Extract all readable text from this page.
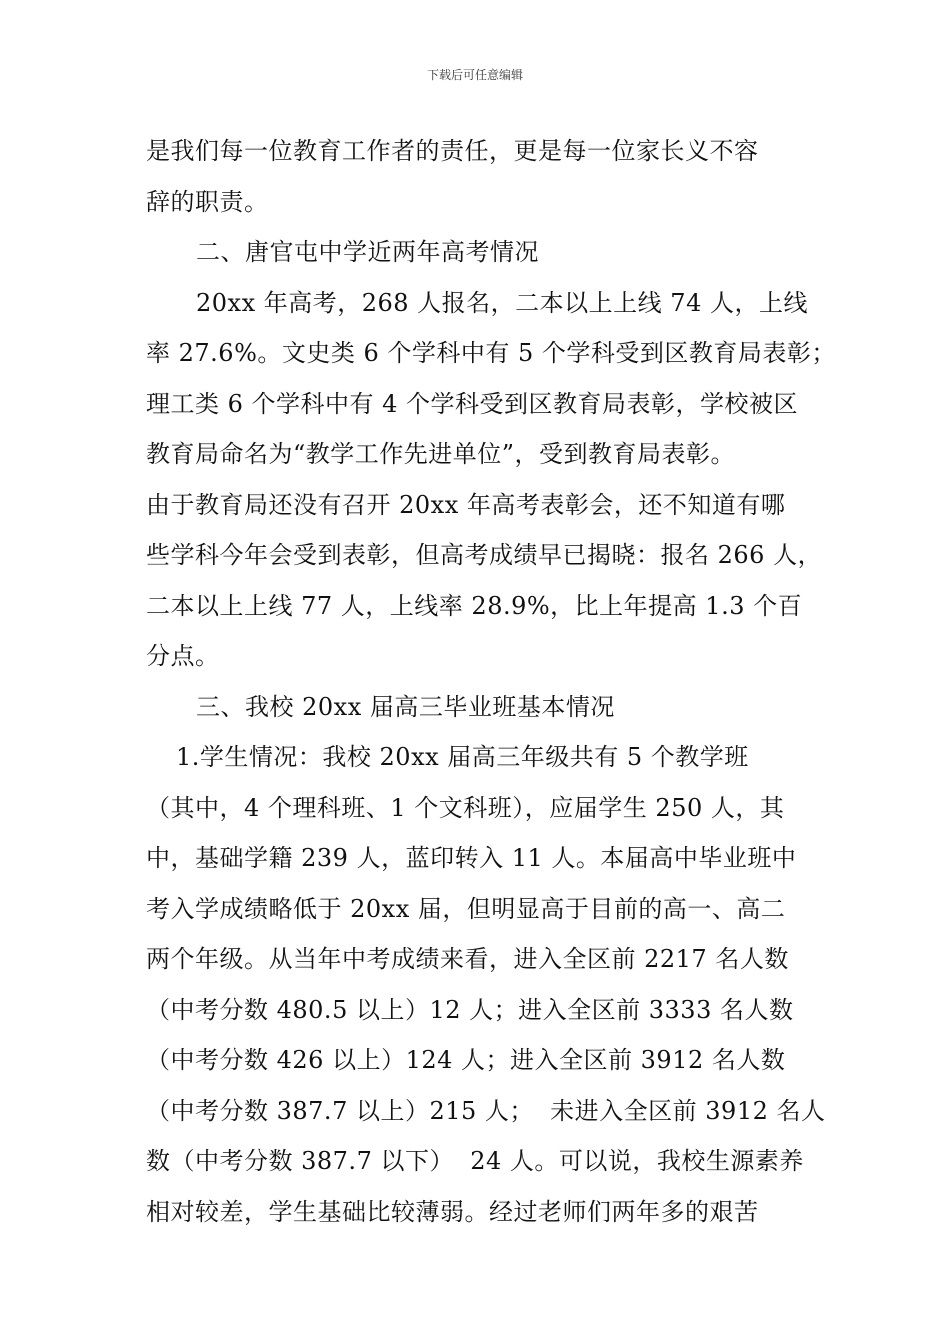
下载后可任意编辑
是我们每一位教育工作者的责任，更是每一位家长义不容
辞的职责。
二、唐官屯中学近两年高考情况
20xx 年高考，268 人报名，二本以上上线 74 人，上线
率 27.6%。文史类 6 个学科中有 5 个学科受到区教育局表彰；
理工类 6 个学科中有 4 个学科受到区教育局表彰，学校被区
教育局命名为“教学工作先进单位”，受到教育局表彰。
由于教育局还没有召开 20xx 年高考表彰会，还不知道有哪
些学科今年会受到表彰，但高考成绩早已揭晓：报名 266 人，
二本以上上线 77 人，上线率 28.9%，比上年提高 1.3 个百
分点。
三、我校 20xx 届高三毕业班基本情况
1.学生情况：我校 20xx 届高三年级共有 5 个教学班
（其中，4 个理科班、1 个文科班），应届学生 250 人，其
中，基础学籍 239 人，蓝印转入 11 人。本届高中毕业班中
考入学成绩略低于 20xx 届，但明显高于目前的高一、高二
两个年级。从当年中考成绩来看，进入全区前 2217 名人数
（中考分数 480.5 以上）12 人；进入全区前 3333 名人数
（中考分数 426 以上）124 人；进入全区前 3912 名人数
（中考分数 387.7 以上）215 人；  未进入全区前 3912 名人
数（中考分数 387.7 以下）  24 人。可以说，我校生源素养
相对较差，学生基础比较薄弱。经过老师们两年多的艰苦
